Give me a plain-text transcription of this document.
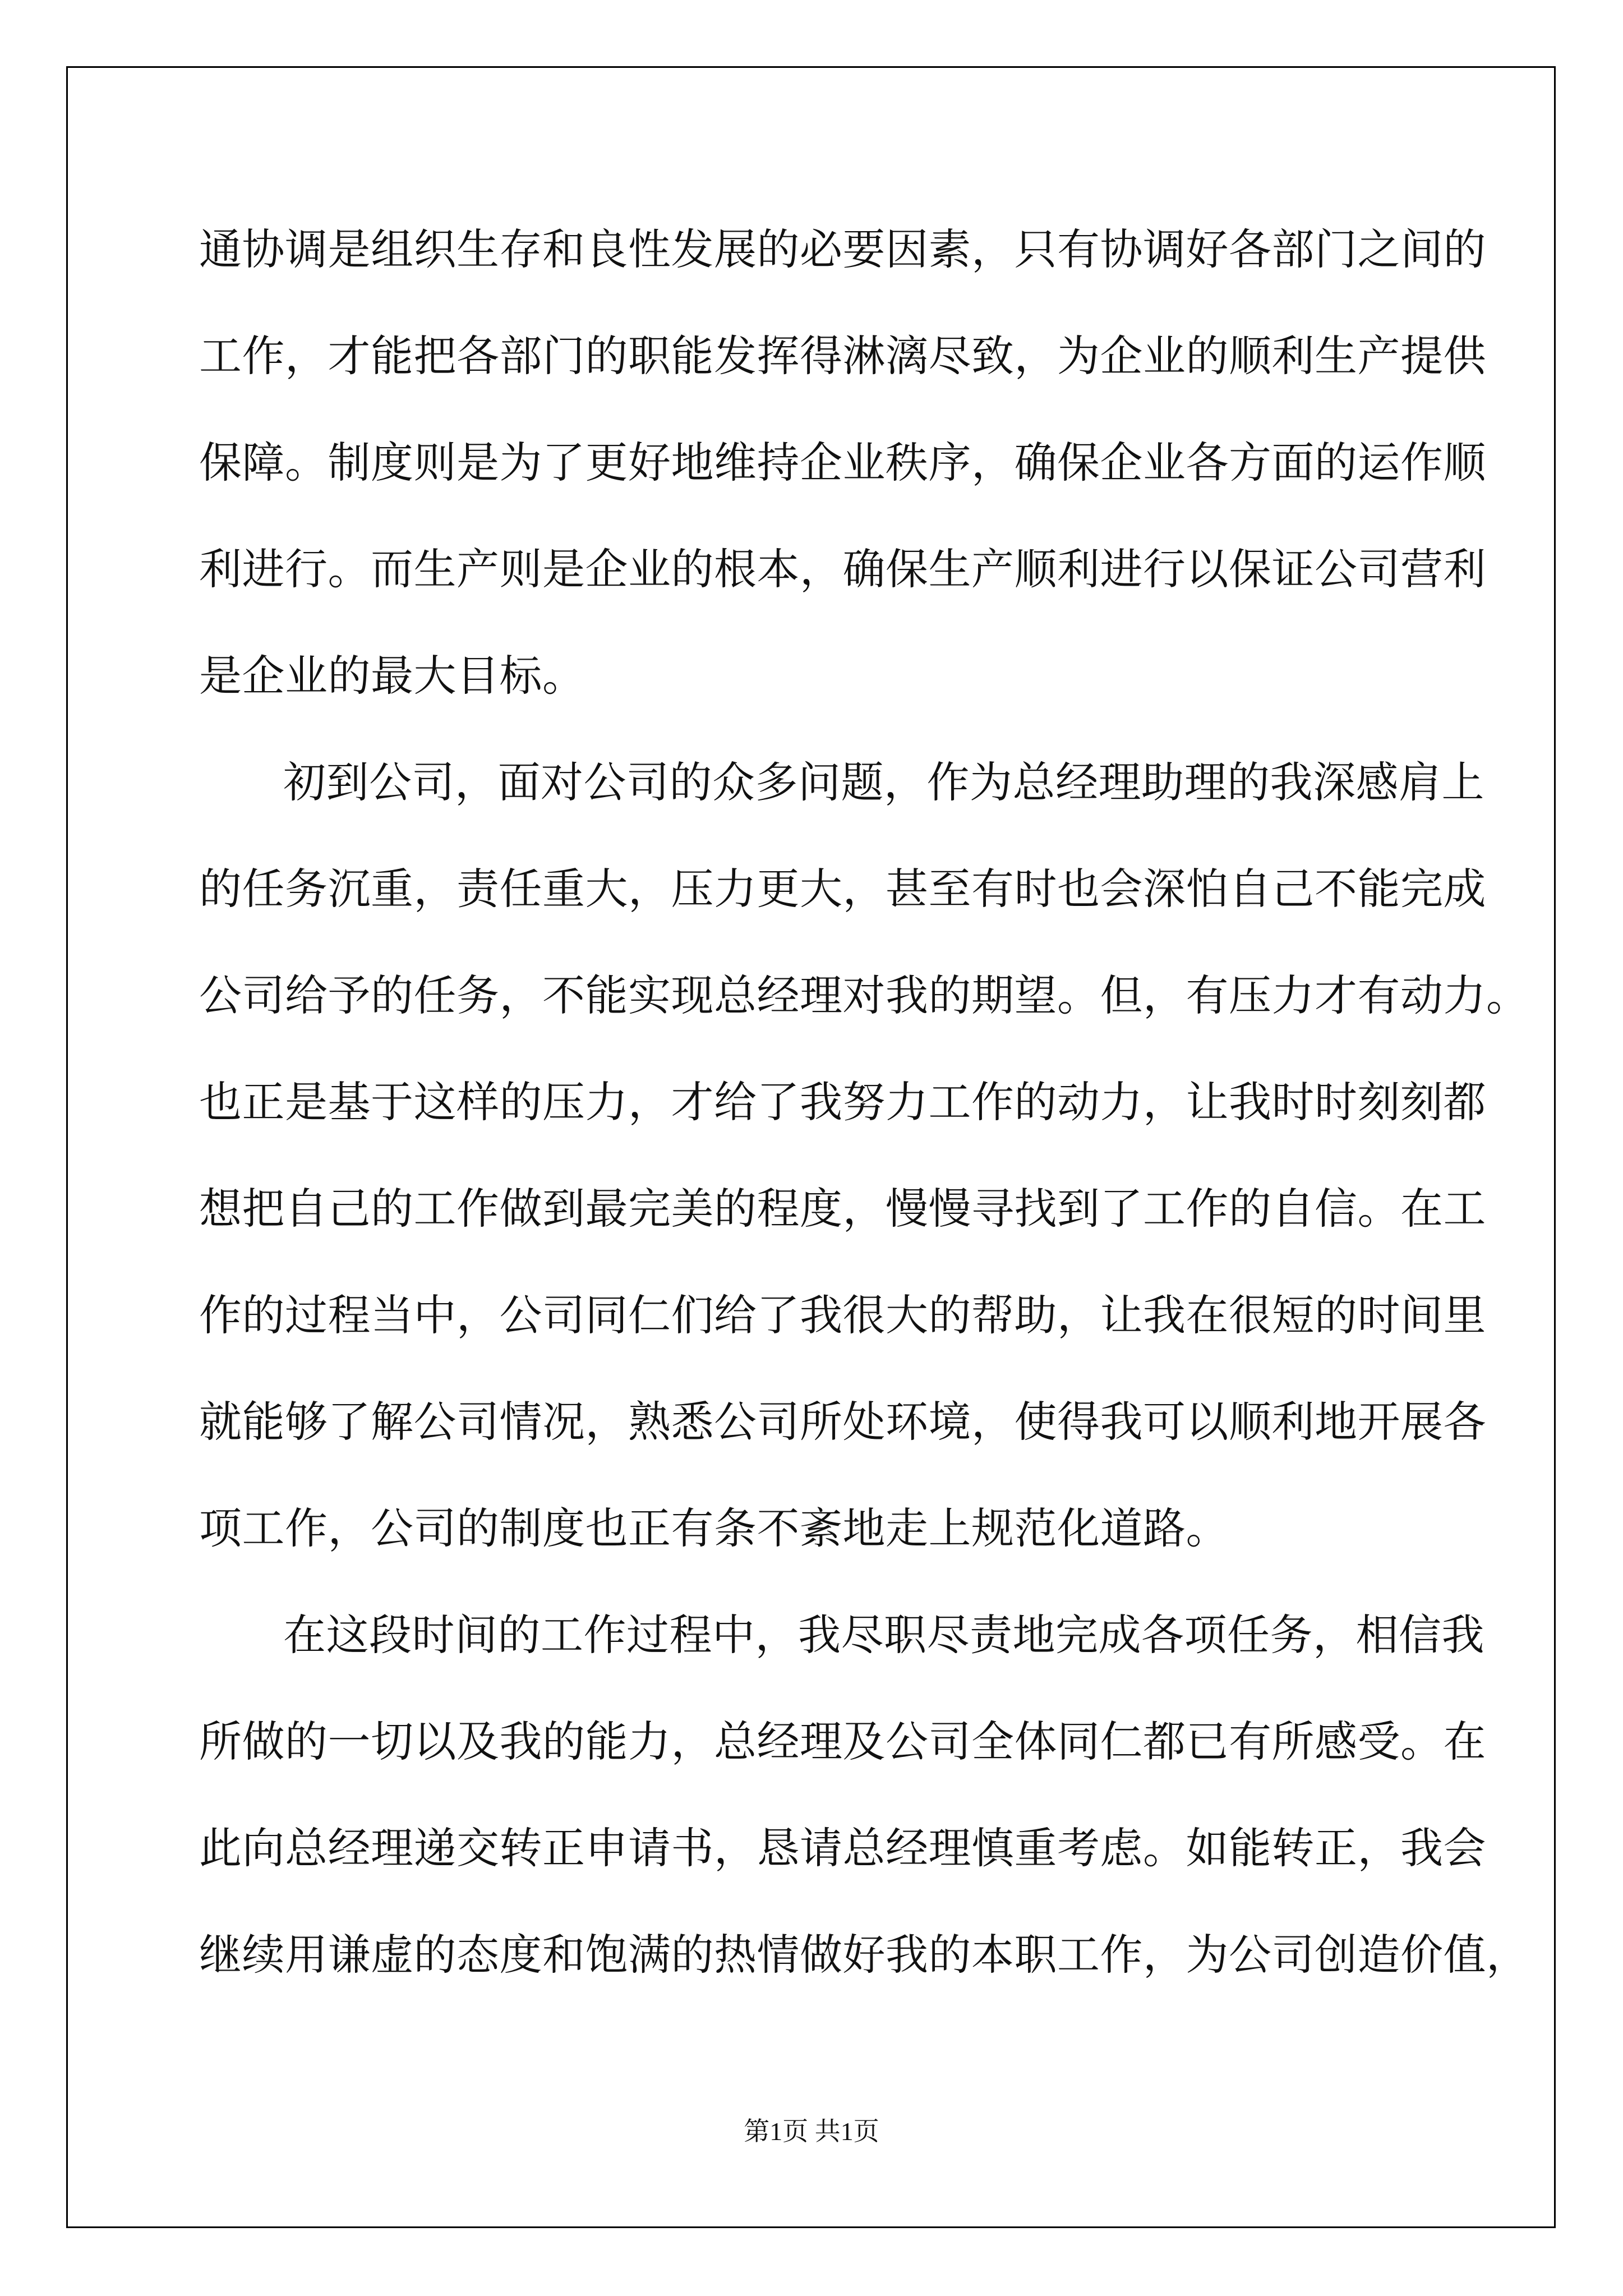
通协调是组织生存和良性发展的必要因素，只有协调好各部门之间的
工作，才能把各部门的职能发挥得淋漓尽致，为企业的顺利生产提供
保障。制度则是为了更好地维持企业秩序，确保企业各方面的运作顺
利进行。而生产则是企业的根本，确保生产顺利进行以保证公司营利
是企业的最大目标。
初到公司，面对公司的众多问题，作为总经理助理的我深感肩上
的任务沉重，责任重大，压力更大，甚至有时也会深怕自己不能完成
公司给予的任务，不能实现总经理对我的期望。但，有压力才有动力。
也正是基于这样的压力，才给了我努力工作的动力，让我时时刻刻都
想把自己的工作做到最完美的程度，慢慢寻找到了工作的自信。在工
作的过程当中，公司同仁们给了我很大的帮助，让我在很短的时间里
就能够了解公司情况，熟悉公司所处环境，使得我可以顺利地开展各
项工作，公司的制度也正有条不紊地走上规范化道路。
在这段时间的工作过程中，我尽职尽责地完成各项任务，相信我
所做的一切以及我的能力，总经理及公司全体同仁都已有所感受。在
此向总经理递交转正申请书，恳请总经理慎重考虑。如能转正，我会
继续用谦虚的态度和饱满的热情做好我的本职工作，为公司创造价值，
第1页 共1页
